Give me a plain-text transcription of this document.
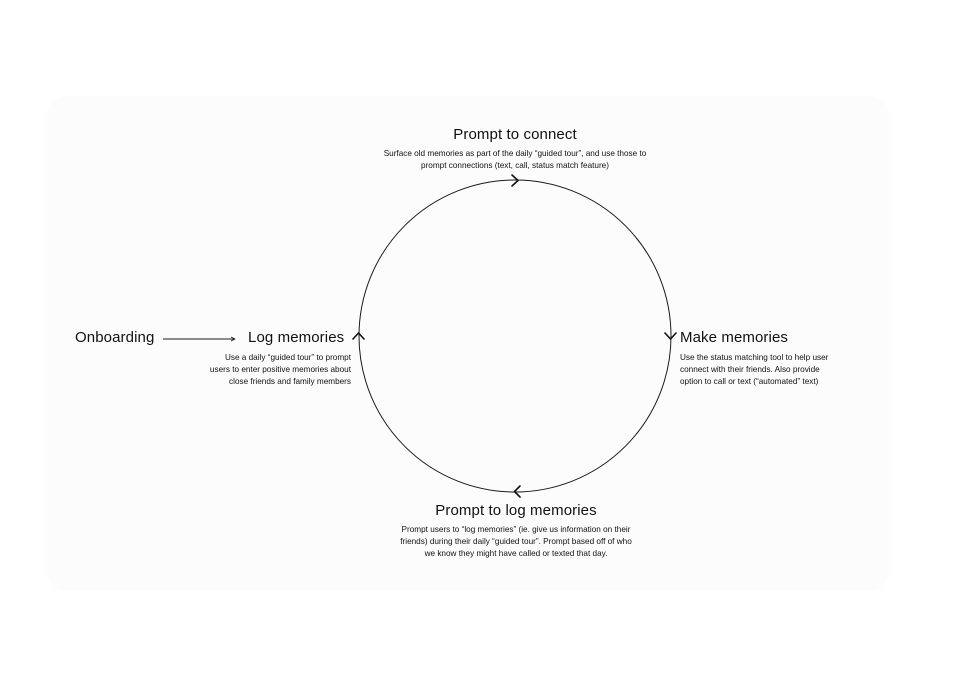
Onboarding
Prompt to connect
Surface old memories as part of the daily “guided tour”, and use those to
prompt connections (text, call, status match feature)
Log memories
Use a daily “guided tour” to prompt
users to enter positive memories about
close friends and family members
Make memories
Use the status matching tool to help user
connect with their friends. Also provide
option to call or text (“automated” text)
Prompt to log memories
Prompt users to “log memories” (ie. give us information on their
friends) during their daily “guided tour”. Prompt based off of who
we know they might have called or texted that day.
